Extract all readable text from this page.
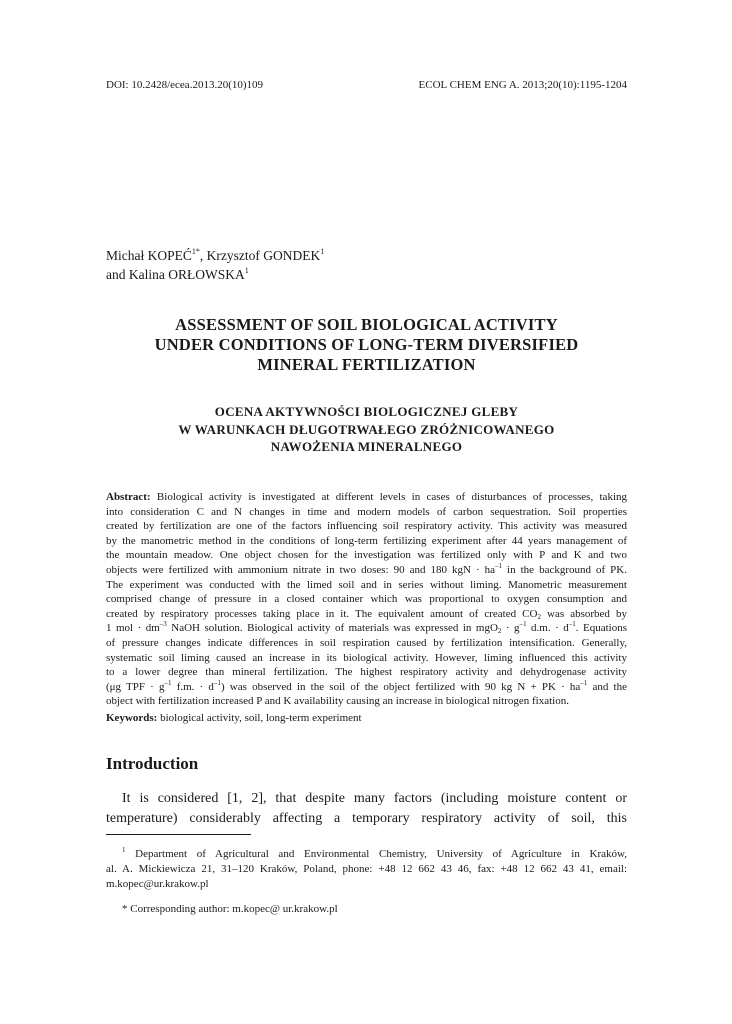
DOI: 10.2428/ecea.2013.20(10)109	ECOL CHEM ENG A. 2013;20(10):1195-1204
Michał $KOPEĆ^{1*}$, Krzysztof GONDEK$^1$
and Kalina ORŁOWSKA$^1$
ASSESSMENT OF SOIL BIOLOGICAL ACTIVITY
UNDER CONDITIONS OF LONG-TERM DIVERSIFIED
MINERAL FERTILIZATION
OCENA AKTYWNOŚCI BIOLOGICZNEJ GLEBY
W WARUNKACH DŁUGOTRWAŁEGO ZRÓŻNICOWANEGO
NAWOŻENIA MINERALNEGO
Abstract: Biological activity is investigated at different levels in cases of disturbances of processes, taking
into consideration C and N changes in time and modern models of carbon sequestration. Soil properties
created by fertilization are one of the factors influencing soil respiratory activity. This activity was measured
by the manometric method in the conditions of long-term fertilizing experiment after 44 years management of
the mountain meadow. One object chosen for the investigation was fertilized only with P and K and two
objects were fertilized with ammonium nitrate in two doses: 90 and 180 kgN · $ha^{-1}$ in the background of PK.
The experiment was conducted with the limed soil and in series without liming. Manometric measurement
comprised change of pressure in a closed container which was proportional to oxygen consumption and
created by respiratory processes taking place in it. The equivalent amount of created $CO_2$ was absorbed by
1 mol · $dm^{-3}$ NaOH solution. Biological activity of materials was expressed in $mgO_2 \cdot g^{-1}$ d.m. · $d^{-1}$. Equations
of pressure changes indicate differences in soil respiration caused by fertilization intensification. Generally,
systematic soil liming caused an increase in its biological activity. However, liming influenced this activity
to a lower degree than mineral fertilization. The highest respiratory activity and dehydrogenase activity
(μg TPF · $g^{-1}$ f.m. · $d^{-1}$) was observed in the soil of the object fertilized with 90 kg N + PK · $ha^{-1}$ and the
object with fertilization increased P and K availability causing an increase in biological nitrogen fixation.
Keywords: biological activity, soil, long-term experiment
Introduction
It is considered [1, 2], that despite many factors (including moisture content or
temperature) considerably affecting a temporary respiratory activity of soil, this
$^1$ Department of Agricultural and Environmental Chemistry, University of Agriculture in Kraków,
al. A. Mickiewicza 21, 31–120 Kraków, Poland, phone: +48 12 662 43 46, fax: +48 12 662 43 41, email:
m.kopec@ur.krakow.pl
* Corresponding author: m.kopec@ ur.krakow.pl
